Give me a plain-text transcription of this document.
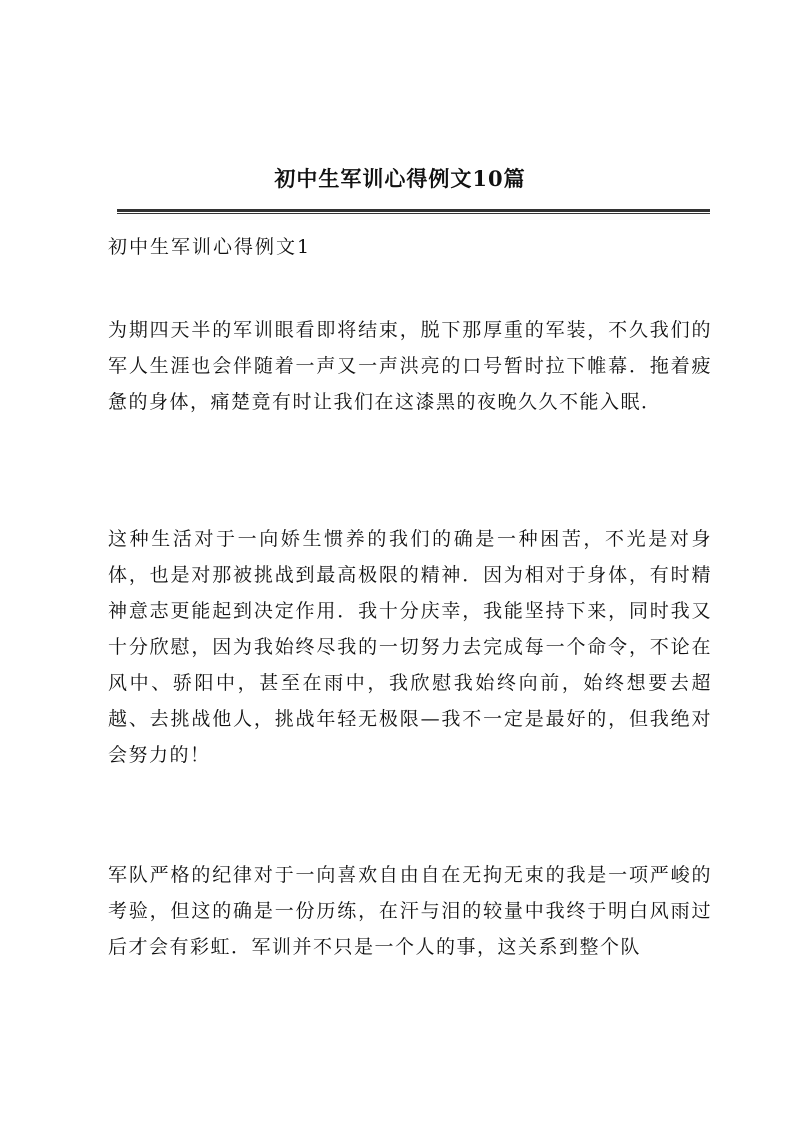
初中生军训心得例文10篇
初中生军训心得例文1

为期四天半的军训眼看即将结束，脱下那厚重的军装，不久我们的军人生涯也会伴随着一声又一声洪亮的口号暂时拉下帷幕．拖着疲惫的身体，痛楚竟有时让我们在这漆黑的夜晚久久不能入眠．

这种生活对于一向娇生惯养的我们的确是一种困苦，不光是对身体，也是对那被挑战到最高极限的精神．因为相对于身体，有时精神意志更能起到决定作用．我十分庆幸，我能坚持下来，同时我又十分欣慰，因为我始终尽我的一切努力去完成每一个命令，不论在风中、骄阳中，甚至在雨中，我欣慰我始终向前，始终想要去超越、去挑战他人，挑战年轻无极限—我不一定是最好的，但我绝对会努力的！

军队严格的纪律对于一向喜欢自由自在无拘无束的我是一项严峻的考验，但这的确是一份历练，在汗与泪的较量中我终于明白风雨过后才会有彩虹．军训并不只是一个人的事，这关系到整个队
